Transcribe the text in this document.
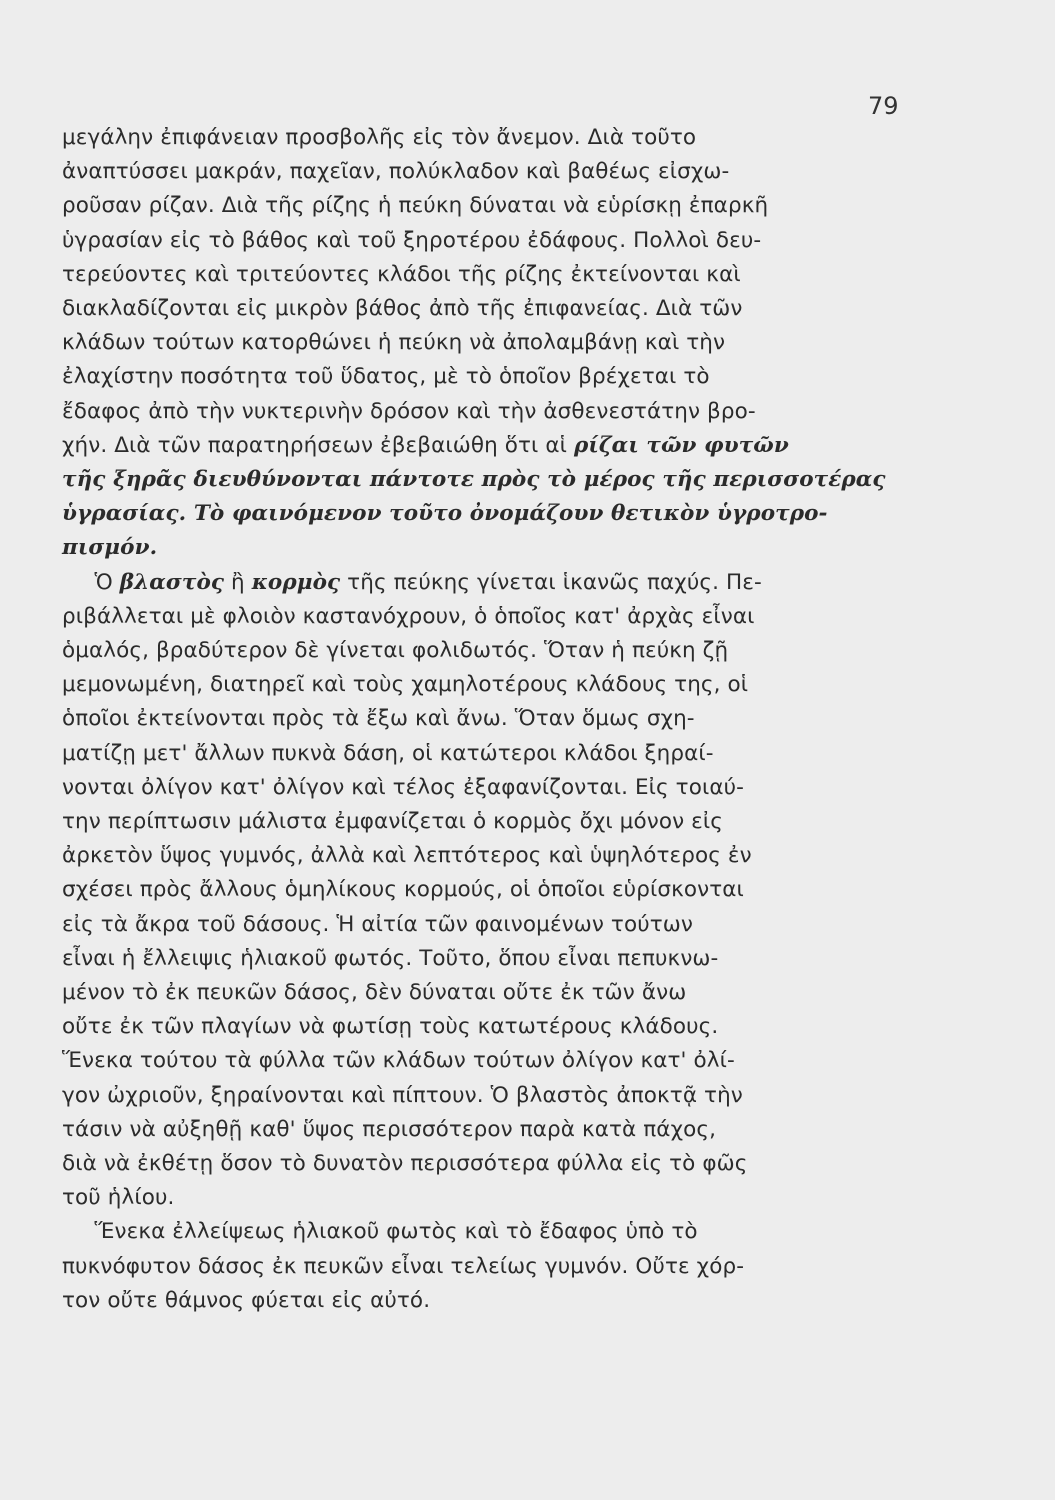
79
μεγάλην ἐπιφάνειαν προσβολῆς εἰς τὸν ἄνεμον. Διὰ τοῦτο
ἀναπτύσσει μακράν, παχεῖαν, πολύκλαδον καὶ βαθέως εἰσχω-
ροῦσαν ρίζαν. Διὰ τῆς ρίζης ἡ πεύκη δύναται νὰ εὑρίσκῃ ἐπαρκῆ
ὑγρασίαν εἰς τὸ βάθος καὶ τοῦ ξηροτέρου ἐδάφους. Πολλοὶ δευ-
τερεύοντες καὶ τριτεύοντες κλάδοι τῆς ρίζης ἐκτείνονται καὶ
διακλαδίζονται εἰς μικρὸν βάθος ἀπὸ τῆς ἐπιφανείας. Διὰ τῶν
κλάδων τούτων κατορθώνει ἡ πεύκη νὰ ἀπολαμβάνῃ καὶ τὴν
ἐλαχίστην ποσότητα τοῦ ὕδατος, μὲ τὸ ὁποῖον βρέχεται τὸ
ἔδαφος ἀπὸ τὴν νυκτερινὴν δρόσον καὶ τὴν ἀσθενεστάτην βρο-
χήν. Διὰ τῶν παρατηρήσεων ἐβεβαιώθη ὅτι αἱ ρίζαι τῶν φυτῶν
τῆς ξηρᾶς διευθύνονται πάντοτε πρὸς τὸ μέρος τῆς περισσοτέρας
ὑγρασίας. Τὸ φαινόμενον τοῦτο ὀνομάζουν θετικὸν ὑγροτρο-
πισμόν.
  Ὁ βλαστὸς ἢ κορμὸς τῆς πεύκης γίνεται ἱκανῶς παχύς. Πε-
ριβάλλεται μὲ φλοιὸν καστανόχρουν, ὁ ὁποῖος κατ' ἀρχὰς εἶναι
ὁμαλός, βραδύτερον δὲ γίνεται φολιδωτός. Ὅταν ἡ πεύκη ζῇ
μεμονωμένη, διατηρεῖ καὶ τοὺς χαμηλοτέρους κλάδους της, οἱ
ὁποῖοι ἐκτείνονται πρὸς τὰ ἔξω καὶ ἄνω. Ὅταν ὅμως σχη-
ματίζῃ μετ' ἄλλων πυκνὰ δάση, οἱ κατώτεροι κλάδοι ξηραί-
νονται ὀλίγον κατ' ὀλίγον καὶ τέλος ἐξαφανίζονται. Εἰς τοιαύ-
την περίπτωσιν μάλιστα ἐμφανίζεται ὁ κορμὸς ὄχι μόνον εἰς
ἀρκετὸν ὕψος γυμνός, ἀλλὰ καὶ λεπτότερος καὶ ὑψηλότερος ἐν
σχέσει πρὸς ἄλλους ὁμηλίκους κορμούς, οἱ ὁποῖοι εὑρίσκονται
εἰς τὰ ἄκρα τοῦ δάσους. Ἡ αἰτία τῶν φαινομένων τούτων
εἶναι ἡ ἔλλειψις ἡλιακοῦ φωτός. Τοῦτο, ὅπου εἶναι πεπυκνω-
μένον τὸ ἐκ πευκῶν δάσος, δὲν δύναται οὔτε ἐκ τῶν ἄνω
οὔτε ἐκ τῶν πλαγίων νὰ φωτίσῃ τοὺς κατωτέρους κλάδους.
Ἕνεκα τούτου τὰ φύλλα τῶν κλάδων τούτων ὀλίγον κατ' ὀλί-
γον ὠχριοῦν, ξηραίνονται καὶ πίπτουν. Ὁ βλαστὸς ἀποκτᾷ τὴν
τάσιν νὰ αὐξηθῇ καθ' ὕψος περισσότερον παρὰ κατὰ πάχος,
διὰ νὰ ἐκθέτῃ ὅσον τὸ δυνατὸν περισσότερα φύλλα εἰς τὸ φῶς
τοῦ ἡλίου.
  Ἕνεκα ἐλλείψεως ἡλιακοῦ φωτὸς καὶ τὸ ἔδαφος ὑπὸ τὸ
πυκνόφυτον δάσος ἐκ πευκῶν εἶναι τελείως γυμνόν. Οὔτε χόρ-
τον οὔτε θάμνος φύεται εἰς αὐτό.
